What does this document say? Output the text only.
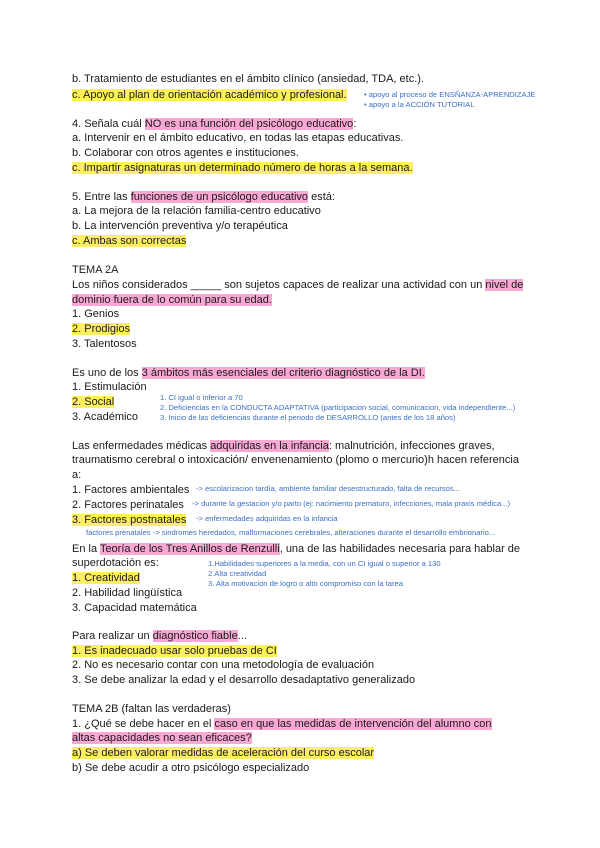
b. Tratamiento de estudiantes en el ámbito clínico (ansiedad, TDA, etc.).
c. Apoyo al plan de orientación académico y profesional. • apoyo al proceso de ENSÑANZA-APRENDIZAJE
• apoyo a la ACCIÓN TUTORIAL
4. Señala cuál NO es una función del psicólogo educativo:
a. Intervenir en el ámbito educativo, en todas las etapas educativas.
b. Colaborar con otros agentes e instituciones.
c. Impartir asignaturas un determinado número de horas a la semana.
5. Entre las funciones de un psicólogo educativo está:
a. La mejora de la relación familia-centro educativo
b. La intervención preventiva y/o terapéutica
c. Ambas son correctas
TEMA 2A
Los niños considerados _____ son sujetos capaces de realizar una actividad con un nivel de
dominio fuera de lo común para su edad.
1. Genios
2. Prodigios
3. Talentosos
Es uno de los 3 ámbitos más esenciales del criterio diagnóstico de la DI.
1. Estimulación
2. Social
3. Académico
1. CI igual o inferior a 70
2. Deficiencias en la CONDUCTA ADAPTATIVA (participacion social, comunicacion, vida independiente...)
3. Inicio de las deficiencias durante el periodo de DESARROLLO (antes de los 18 años)
Las enfermedades médicas adquiridas en la infancia: malnutrición, infecciones graves,
traumatismo cerebral o intoxicación/ envenenamiento (plomo o mercurio)h hacen referencia
a:
1. Factores ambientales
2. Factores perinatales
3. Factores postnatales
-> escolarizacion tardía, ambiente familiar desestructurado, falta de recursos...
-> durante la gestacion y/o parto (ej: nacimiento prematuro, infecciones, mala praxis médica...)
-> enfermedades adquiridas en la infancia
factores prenatales -> sindromes heredados, malformaciones cerebrales, alteraciones durante el desarrollo embrionario...
En la Teoría de los Tres Anillos de Renzulli, una de las habilidades necesaria para hablar de
superdotación es:
1. Creatividad
2. Habilidad lingüística
3. Capacidad matemática
1.Habilidades superiores a la media, con un CI igual o superior a 130
2.Alta creatividad
3. Alta motivacion de logro o alto compromiso con la tarea
Para realizar un diagnóstico fiable...
1. Es inadecuado usar solo pruebas de CI
2. No es necesario contar con una metodología de evaluación
3. Se debe analizar la edad y el desarrollo desadaptativo generalizado
TEMA 2B (faltan las verdaderas)
1. ¿Qué se debe hacer en el caso en que las medidas de intervención del alumno con
altas capacidades no sean eficaces?
a) Se deben valorar medidas de aceleración del curso escolar
b) Se debe acudir a otro psicólogo especializado
